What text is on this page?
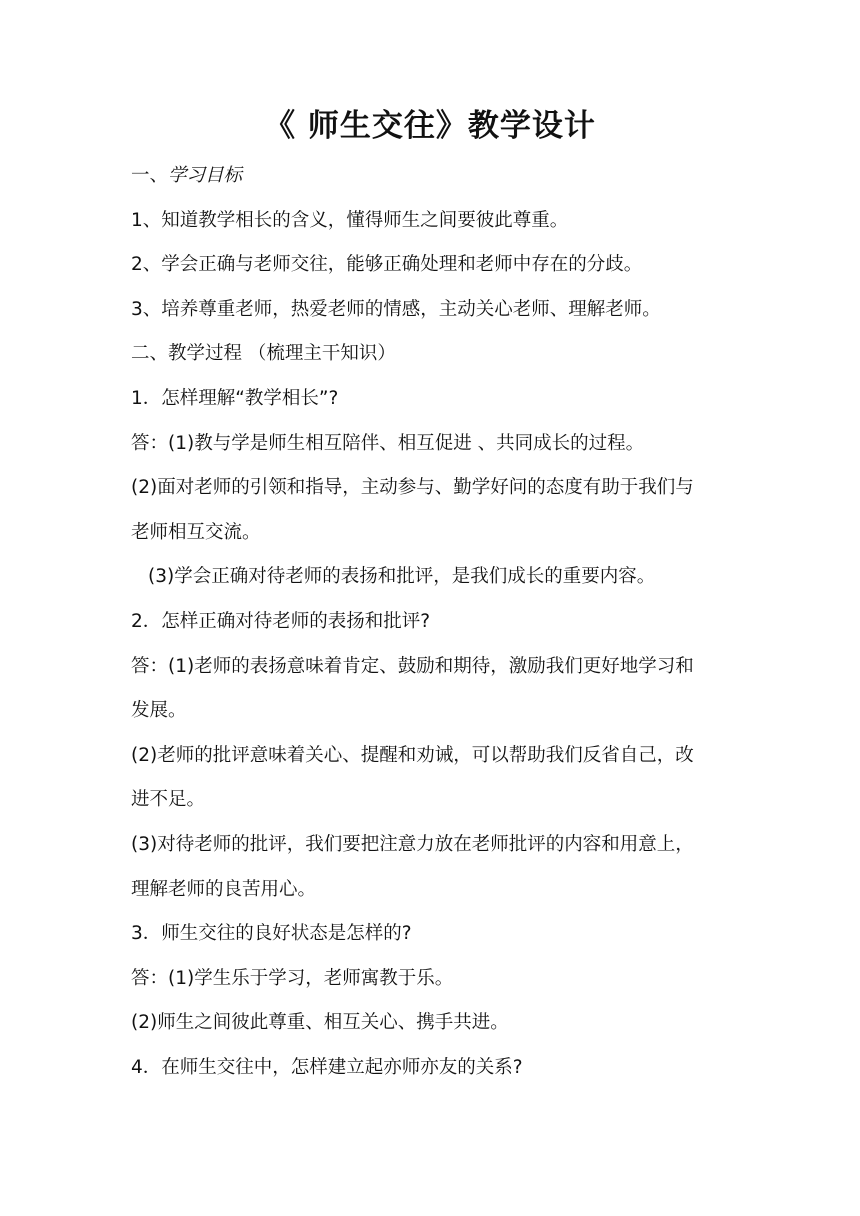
《 师生交往》教学设计
一、学习目标
1、知道教学相长的含义，懂得师生之间要彼此尊重。
2、学会正确与老师交往，能够正确处理和老师中存在的分歧。
3、培养尊重老师，热爱老师的情感，主动关心老师、理解老师。
二、教学过程 （梳理主干知识）
1．怎样理解“教学相长”?
答：(1)教与学是师生相互陪伴、相互促进 、共同成长的过程。
(2)面对老师的引领和指导，主动参与、勤学好问的态度有助于我们与
老师相互交流。
(3)学会正确对待老师的表扬和批评，是我们成长的重要内容。
2．怎样正确对待老师的表扬和批评?
答：(1)老师的表扬意味着肯定、鼓励和期待，激励我们更好地学习和
发展。
(2)老师的批评意味着关心、提醒和劝诫，可以帮助我们反省自己，改
进不足。
(3)对待老师的批评，我们要把注意力放在老师批评的内容和用意上，
理解老师的良苦用心。
3．师生交往的良好状态是怎样的?
答：(1)学生乐于学习，老师寓教于乐。
(2)师生之间彼此尊重、相互关心、携手共进。
4．在师生交往中，怎样建立起亦师亦友的关系?
